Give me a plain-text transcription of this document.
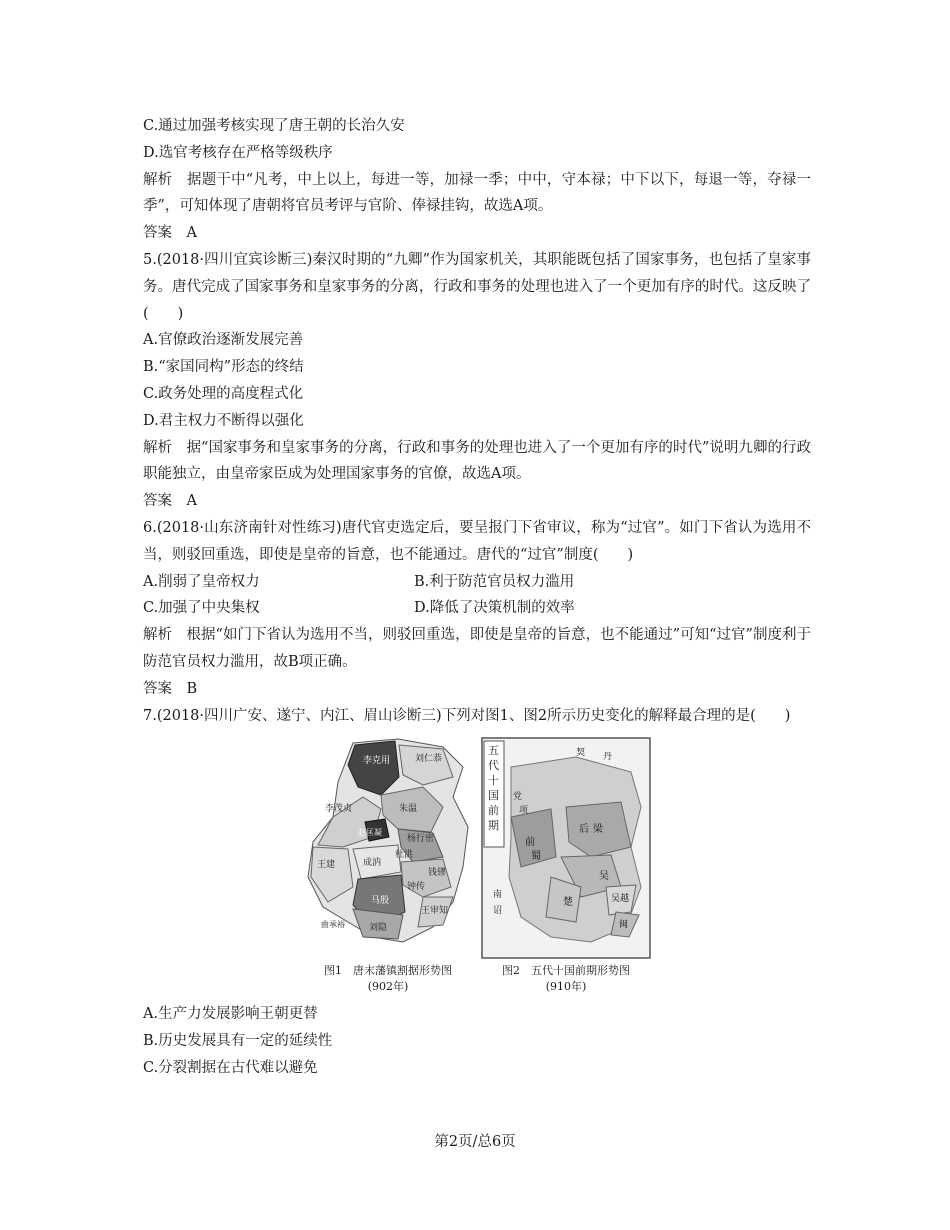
C.通过加强考核实现了唐王朝的长治久安
D.选官考核存在严格等级秩序
解析　据题干中“凡考，中上以上，每进一等，加禄一季；中中，守本禄；中下以下，每退一等，夺禄一季”，可知体现了唐朝将官员考评与官阶、俸禄挂钩，故选A项。
答案　A
5.(2018·四川宜宾诊断三)秦汉时期的“九卿”作为国家机关，其职能既包括了国家事务，也包括了皇家事务。唐代完成了国家事务和皇家事务的分离，行政和事务的处理也进入了一个更加有序的时代。这反映了(　　)
A.官僚政治逐渐发展完善
B.“家国同构”形态的终结
C.政务处理的高度程式化
D.君主权力不断得以强化
解析　据“国家事务和皇家事务的分离，行政和事务的处理也进入了一个更加有序的时代”说明九卿的行政职能独立，由皇帝家臣成为处理国家事务的官僚，故选A项。
答案　A
6.(2018·山东济南针对性练习)唐代官吏选定后，要呈报门下省审议，称为“过官”。如门下省认为选用不当，则驳回重选，即使是皇帝的旨意，也不能通过。唐代的“过官”制度(　　)
A.削弱了皇帝权力	B.利于防范官员权力滥用
C.加强了中央集权	D.降低了决策机制的效率
解析　根据“如门下省认为选用不当，则驳回重选，即使是皇帝的旨意，也不能通过”可知“过官”制度利于防范官员权力滥用，故B项正确。
答案　B
7.(2018·四川广安、遂宁、内江、眉山诊断三)下列对图1、图2所示历史变化的解释最合理的是(　　)
李克用	刘仁恭
朱温
李茂贞
赵匡凝
杨行密
王建	成汭
杜洪
钱镠
钟传
马殷
王审知
刘隐
曲承裕
图1　唐末藩镇割据形势图
(902年)
五 代 十 国 前 期
契 丹
党
项
后 梁
前
蜀
吴
楚	吴越
闽
南
诏
图2　五代十国前期形势图
(910年)
A.生产力发展影响王朝更替
B.历史发展具有一定的延续性
C.分裂割据在古代难以避免
第2页/总6页
